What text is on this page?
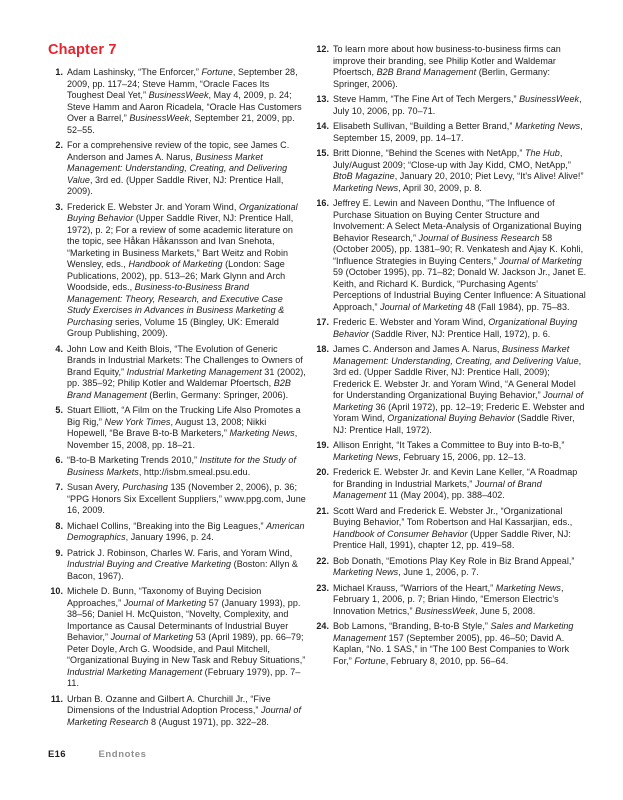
Chapter 7
1. Adam Lashinsky, “The Enforcer,” Fortune, September 28, 2009, pp. 117–24; Steve Hamm, “Oracle Faces Its Toughest Deal Yet,” BusinessWeek, May 4, 2009, p. 24; Steve Hamm and Aaron Ricadela, “Oracle Has Customers Over a Barrel,” BusinessWeek, September 21, 2009, pp. 52–55.
2. For a comprehensive review of the topic, see James C. Anderson and James A. Narus, Business Market Management: Understanding, Creating, and Delivering Value, 3rd ed. (Upper Saddle River, NJ: Prentice Hall, 2009).
3. Frederick E. Webster Jr. and Yoram Wind, Organizational Buying Behavior (Upper Saddle River, NJ: Prentice Hall, 1972), p. 2; For a review of some academic literature on the topic, see Håkan Håkansson and Ivan Snehota, “Marketing in Business Markets,” Bart Weitz and Robin Wensley, eds., Handbook of Marketing (London: Sage Publications, 2002), pp. 513–26; Mark Glynn and Arch Woodside, eds., Business-to-Business Brand Management: Theory, Research, and Executive Case Study Exercises in Advances in Business Marketing & Purchasing series, Volume 15 (Bingley, UK: Emerald Group Publishing, 2009).
4. John Low and Keith Blois, “The Evolution of Generic Brands in Industrial Markets: The Challenges to Owners of Brand Equity,” Industrial Marketing Management 31 (2002), pp. 385–92; Philip Kotler and Waldemar Pfoertsch, B2B Brand Management (Berlin, Germany: Springer, 2006).
5. Stuart Elliott, “A Film on the Trucking Life Also Promotes a Big Rig,” New York Times, August 13, 2008; Nikki Hopewell, “Be Brave B-to-B Marketers,” Marketing News, November 15, 2008, pp. 18–21.
6. “B-to-B Marketing Trends 2010,” Institute for the Study of Business Markets, http://isbm.smeal.psu.edu.
7. Susan Avery, Purchasing 135 (November 2, 2006), p. 36; “PPG Honors Six Excellent Suppliers,” www.ppg.com, June 16, 2009.
8. Michael Collins, “Breaking into the Big Leagues,” American Demographics, January 1996, p. 24.
9. Patrick J. Robinson, Charles W. Faris, and Yoram Wind, Industrial Buying and Creative Marketing (Boston: Allyn & Bacon, 1967).
10. Michele D. Bunn, “Taxonomy of Buying Decision Approaches,” Journal of Marketing 57 (January 1993), pp. 38–56; Daniel H. McQuiston, “Novelty, Complexity, and Importance as Causal Determinants of Industrial Buyer Behavior,” Journal of Marketing 53 (April 1989), pp. 66–79; Peter Doyle, Arch G. Woodside, and Paul Mitchell, “Organizational Buying in New Task and Rebuy Situations,” Industrial Marketing Management (February 1979), pp. 7–11.
11. Urban B. Ozanne and Gilbert A. Churchill Jr., “Five Dimensions of the Industrial Adoption Process,” Journal of Marketing Research 8 (August 1971), pp. 322–28.
12. To learn more about how business-to-business firms can improve their branding, see Philip Kotler and Waldemar Pfoertsch, B2B Brand Management (Berlin, Germany: Springer, 2006).
13. Steve Hamm, “The Fine Art of Tech Mergers,” BusinessWeek, July 10, 2006, pp. 70–71.
14. Elisabeth Sullivan, “Building a Better Brand,” Marketing News, September 15, 2009, pp. 14–17.
15. Britt Dionne, “Behind the Scenes with NetApp,” The Hub, July/August 2009; “Close-up with Jay Kidd, CMO, NetApp,” BtoB Magazine, January 20, 2010; Piet Levy, “It’s Alive! Alive!” Marketing News, April 30, 2009, p. 8.
16. Jeffrey E. Lewin and Naveen Donthu, “The Influence of Purchase Situation on Buying Center Structure and Involvement: A Select Meta-Analysis of Organizational Buying Behavior Research,” Journal of Business Research 58 (October 2005), pp. 1381–90; R. Venkatesh and Ajay K. Kohli, “Influence Strategies in Buying Centers,” Journal of Marketing 59 (October 1995), pp. 71–82; Donald W. Jackson Jr., Janet E. Keith, and Richard K. Burdick, “Purchasing Agents’ Perceptions of Industrial Buying Center Influence: A Situational Approach,” Journal of Marketing 48 (Fall 1984), pp. 75–83.
17. Frederic E. Webster and Yoram Wind, Organizational Buying Behavior (Saddle River, NJ: Prentice Hall, 1972), p. 6.
18. James C. Anderson and James A. Narus, Business Market Management: Understanding, Creating, and Delivering Value, 3rd ed. (Upper Saddle River, NJ: Prentice Hall, 2009); Frederick E. Webster Jr. and Yoram Wind, “A General Model for Understanding Organizational Buying Behavior,” Journal of Marketing 36 (April 1972), pp. 12–19; Frederic E. Webster and Yoram Wind, Organizational Buying Behavior (Saddle River, NJ: Prentice Hall, 1972).
19. Allison Enright, “It Takes a Committee to Buy into B-to-B,” Marketing News, February 15, 2006, pp. 12–13.
20. Frederick E. Webster Jr. and Kevin Lane Keller, “A Roadmap for Branding in Industrial Markets,” Journal of Brand Management 11 (May 2004), pp. 388–402.
21. Scott Ward and Frederick E. Webster Jr., “Organizational Buying Behavior,” Tom Robertson and Hal Kassarjian, eds., Handbook of Consumer Behavior (Upper Saddle River, NJ: Prentice Hall, 1991), chapter 12, pp. 419–58.
22. Bob Donath, “Emotions Play Key Role in Biz Brand Appeal,” Marketing News, June 1, 2006, p. 7.
23. Michael Krauss, “Warriors of the Heart,” Marketing News, February 1, 2006, p. 7; Brian Hindo, “Emerson Electric’s Innovation Metrics,” BusinessWeek, June 5, 2008.
24. Bob Lamons, “Branding, B-to-B Style,” Sales and Marketing Management 157 (September 2005), pp. 46–50; David A. Kaplan, “No. 1 SAS,” in “The 100 Best Companies to Work For,” Fortune, February 8, 2010, pp. 56–64.
E16	Endnotes
